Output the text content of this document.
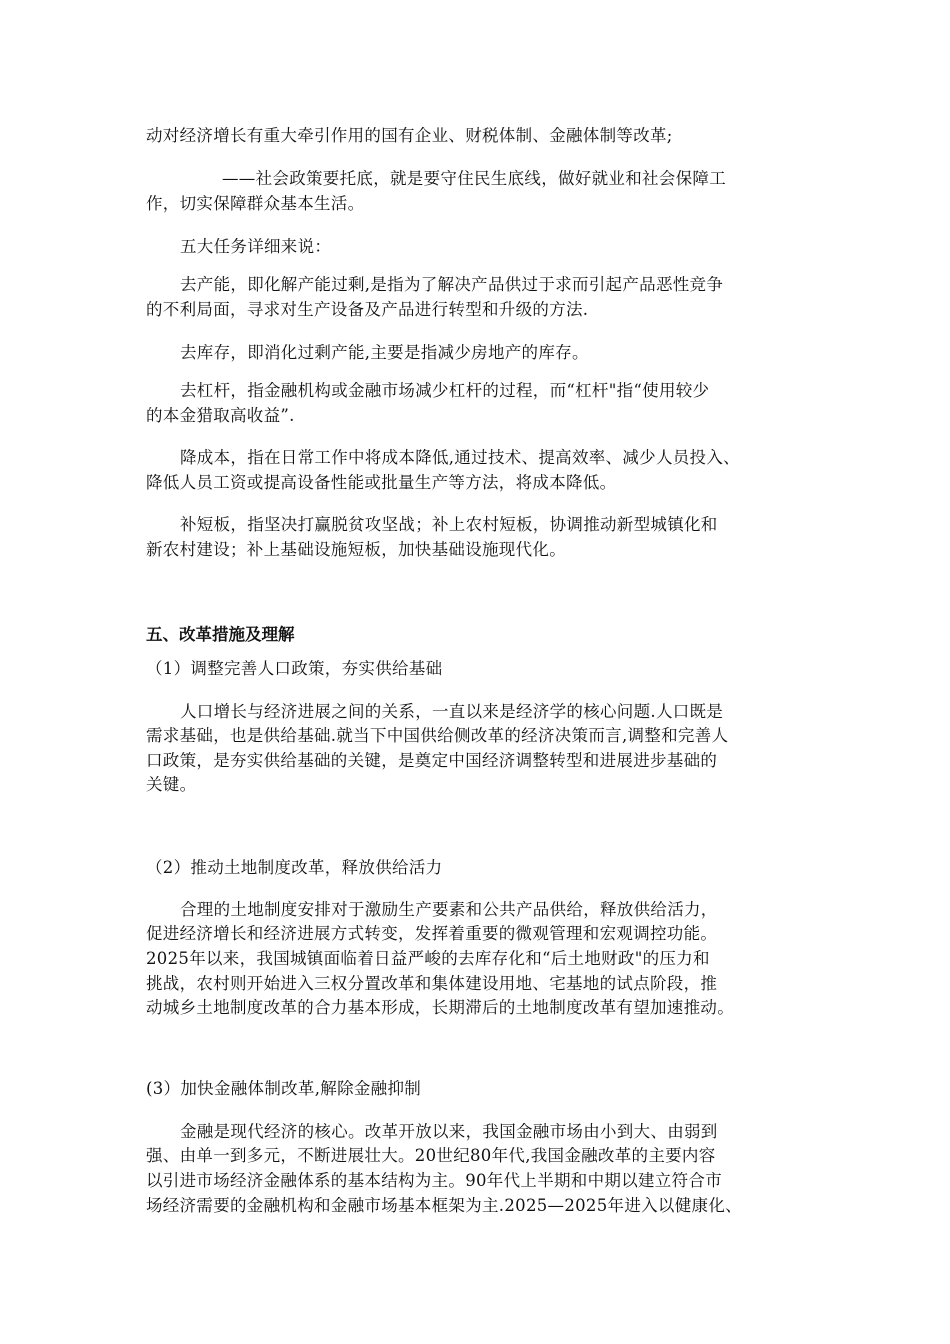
动对经济增长有重大牵引作用的国有企业、财税体制、金融体制等改革;
——社会政策要托底，就是要守住民生底线，做好就业和社会保障工
作，切实保障群众基本生活。
五大任务详细来说：
去产能，即化解产能过剩,是指为了解决产品供过于求而引起产品恶性竞争
的不利局面，寻求对生产设备及产品进行转型和升级的方法.
去库存，即消化过剩产能,主要是指减少房地产的库存。
去杠杆，指金融机构或金融市场减少杠杆的过程，而“杠杆"指“使用较少
的本金猎取高收益”.
降成本，指在日常工作中将成本降低,通过技术、提高效率、减少人员投入、
降低人员工资或提高设备性能或批量生产等方法，将成本降低。
补短板，指坚决打赢脱贫攻坚战；补上农村短板，协调推动新型城镇化和
新农村建设；补上基础设施短板，加快基础设施现代化。
五、改革措施及理解
（1）调整完善人口政策，夯实供给基础
人口增长与经济进展之间的关系，一直以来是经济学的核心问题.人口既是
需求基础，也是供给基础.就当下中国供给侧改革的经济决策而言,调整和完善人
口政策，是夯实供给基础的关键，是奠定中国经济调整转型和进展进步基础的
关键。
（2）推动土地制度改革，释放供给活力
合理的土地制度安排对于激励生产要素和公共产品供给，释放供给活力，
促进经济增长和经济进展方式转变，发挥着重要的微观管理和宏观调控功能。
2025年以来，我国城镇面临着日益严峻的去库存化和“后土地财政"的压力和
挑战，农村则开始进入三权分置改革和集体建设用地、宅基地的试点阶段，推
动城乡土地制度改革的合力基本形成，长期滞后的土地制度改革有望加速推动。
(3）加快金融体制改革,解除金融抑制
金融是现代经济的核心。改革开放以来，我国金融市场由小到大、由弱到
强、由单一到多元，不断进展壮大。20世纪80年代,我国金融改革的主要内容
以引进市场经济金融体系的基本结构为主。90年代上半期和中期以建立符合市
场经济需要的金融机构和金融市场基本框架为主.2025—2025年进入以健康化、
